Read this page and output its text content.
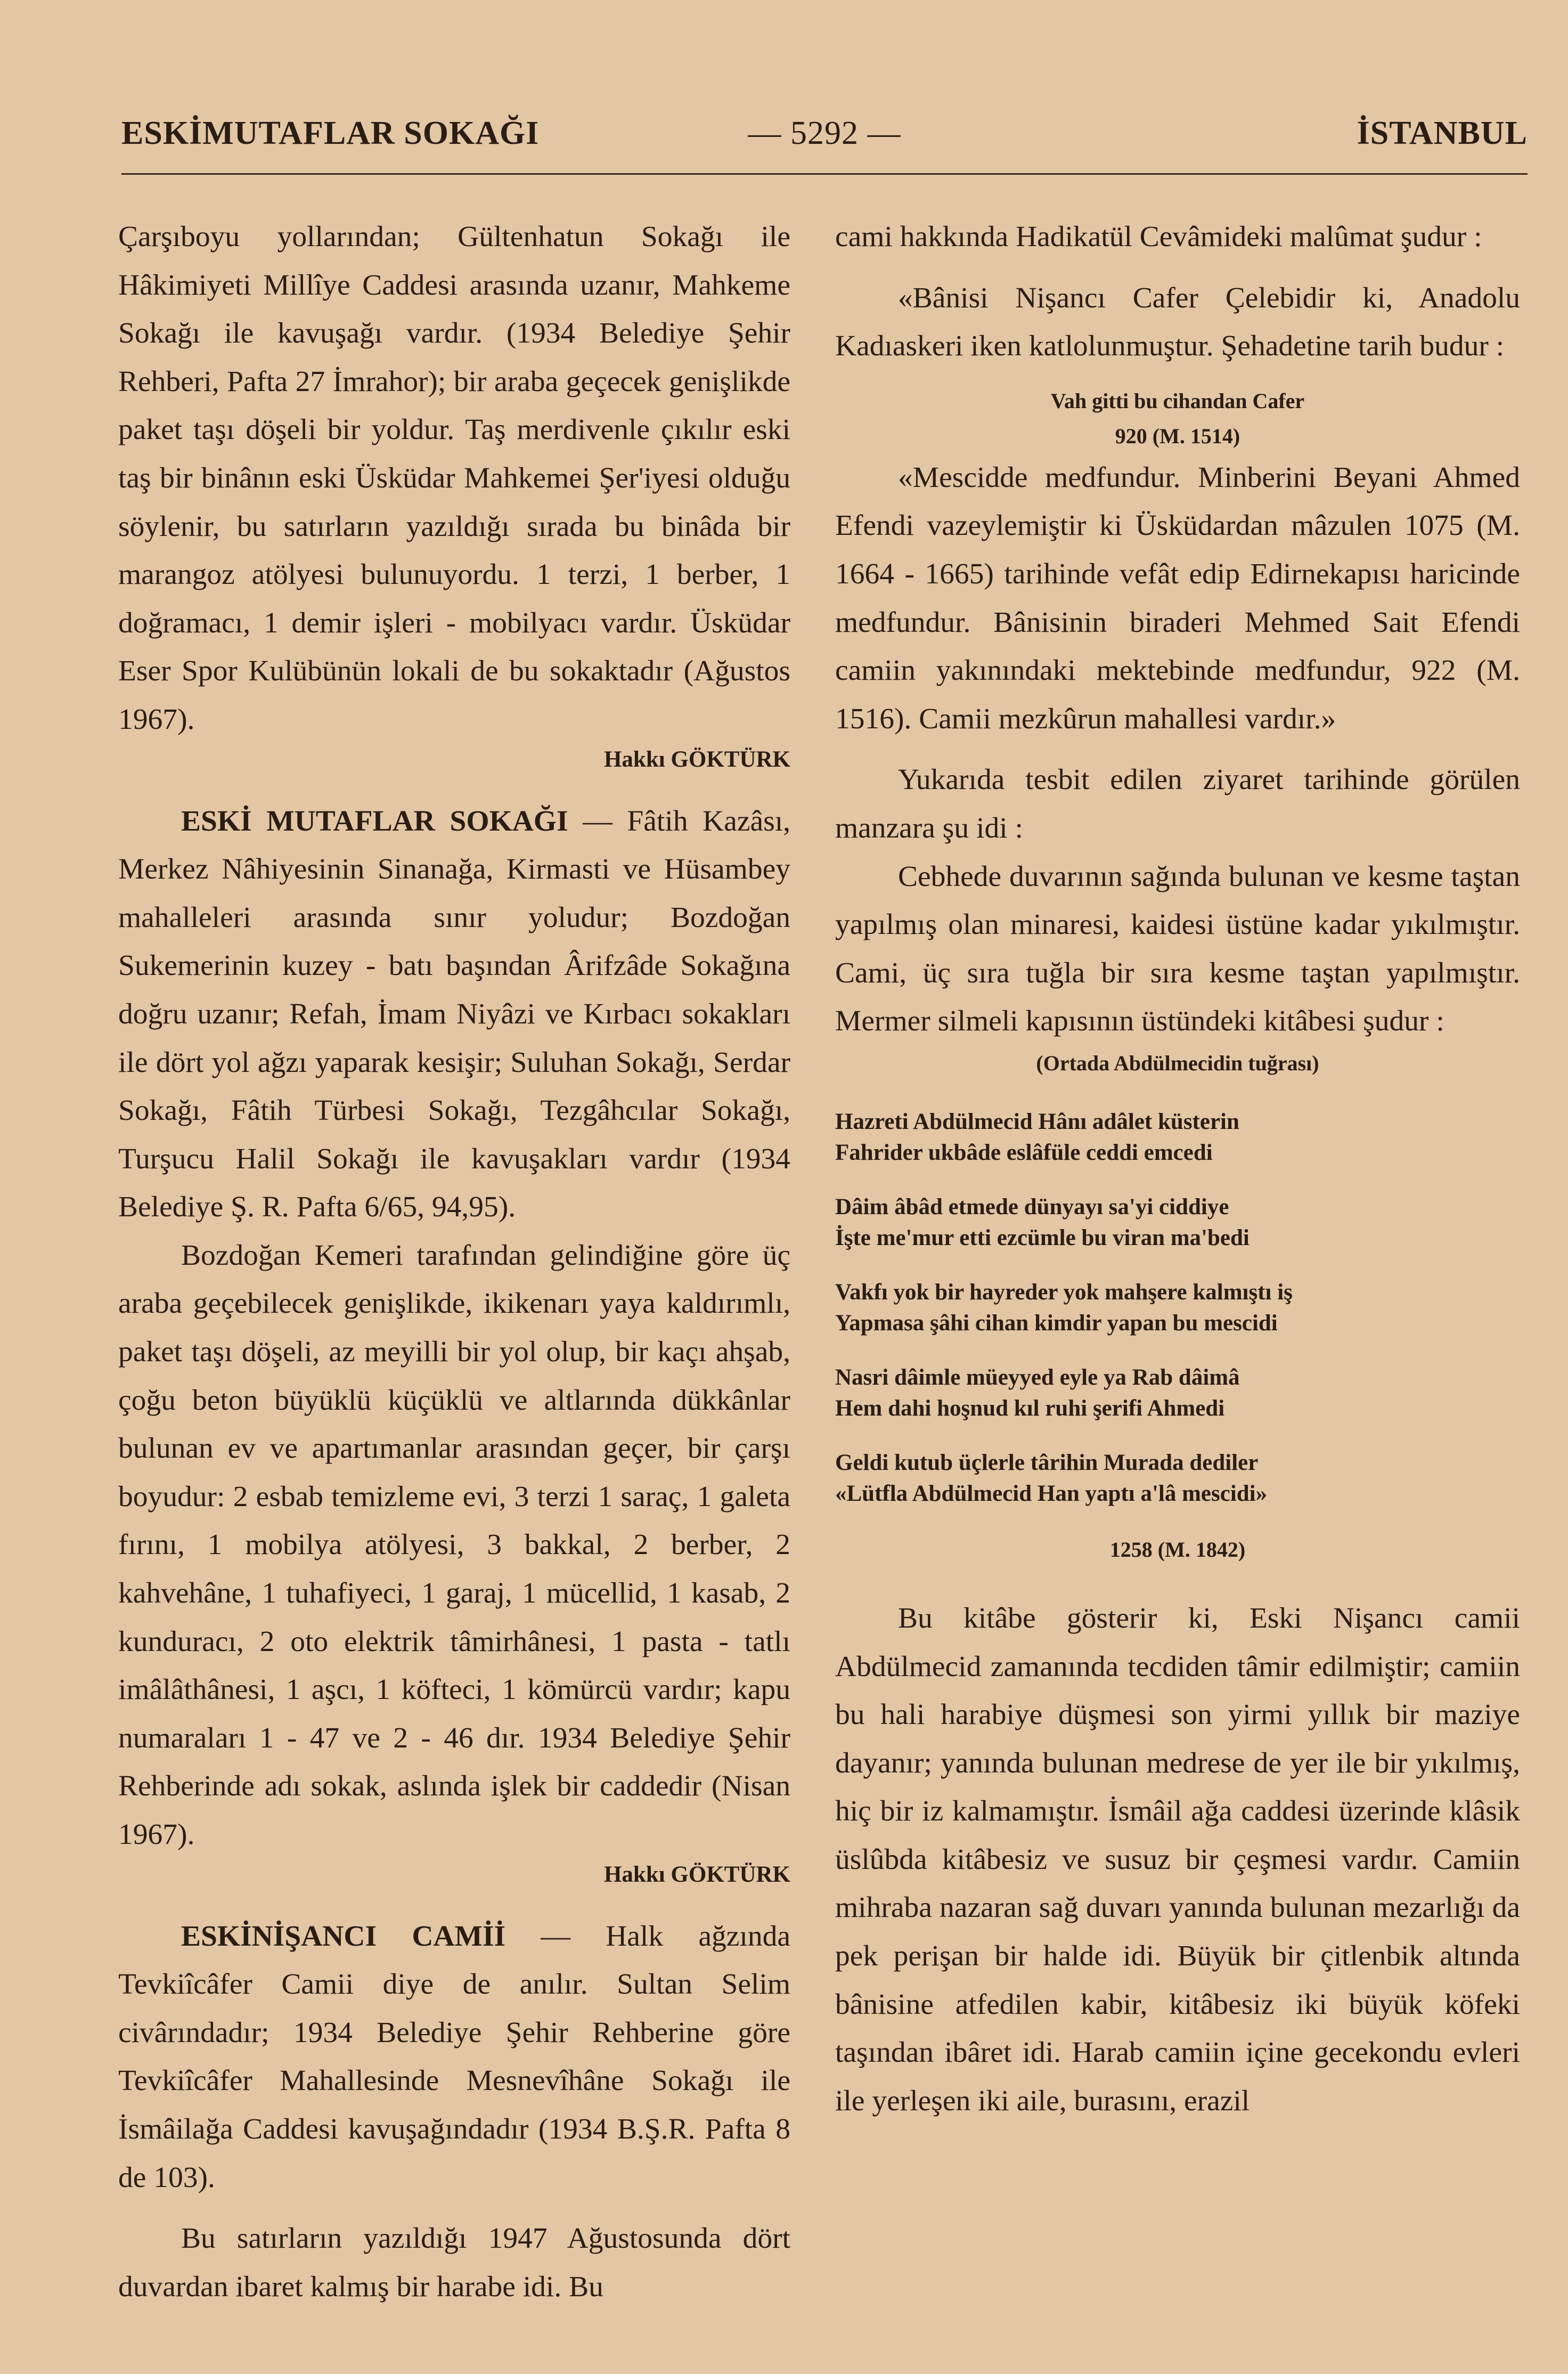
ESKİMUTAFLAR SOKAĞI	— 5292 —	İSTANBUL

Çarşıboyu yollarından; Gültenhatun Sokağı ile Hâkimiyeti Millîye Caddesi arasında uzanır, Mahkeme Sokağı ile kavuşağı vardır. (1934 Belediye Şehir Rehberi, Pafta 27 İmrahor); bir araba geçecek genişlikde paket taşı döşeli bir yoldur. Taş merdivenle çıkılır eski taş bir binânın eski Üsküdar Mahkemei Şer'iyesi olduğu söylenir, bu satırların yazıldığı sırada bu binâda bir marangoz atölyesi bulunuyordu. 1 terzi, 1 berber, 1 doğramacı, 1 demir işleri - mobilyacı vardır. Üsküdar Eser Spor Kulübünün lokali de bu sokaktadır (Ağustos 1967).

Hakkı GÖKTÜRK

ESKİ MUTAFLAR SOKAĞI — Fâtih Kazâsı, Merkez Nâhiyesinin Sinanağa, Kirmasti ve Hüsambey mahalleleri arasında sınır yoludur; Bozdoğan Sukemerinin kuzey - batı başından Ârifzâde Sokağına doğru uzanır; Refah, İmam Niyâzi ve Kırbacı sokakları ile dört yol ağzı yaparak kesişir; Suluhan Sokağı, Serdar Sokağı, Fâtih Türbesi Sokağı, Tezgâhcılar Sokağı, Turşucu Halil Sokağı ile kavuşakları vardır (1934 Belediye Ş. R. Pafta 6/65, 94,95).

Bozdoğan Kemeri tarafından gelindiğine göre üç araba geçebilecek genişlikde, ikikenarı yaya kaldırımlı, paket taşı döşeli, az meyilli bir yol olup, bir kaçı ahşab, çoğu beton büyüklü küçüklü ve altlarında dükkânlar bulunan ev ve apartımanlar arasından geçer, bir çarşı boyudur: 2 esbab temizleme evi, 3 terzi 1 saraç, 1 galeta fırını, 1 mobilya atölyesi, 3 bakkal, 2 berber, 2 kahvehâne, 1 tuhafiyeci, 1 garaj, 1 mücellid, 1 kasab, 2 kunduracı, 2 oto elektrik tâmirhânesi, 1 pasta - tatlı imâlâthânesi, 1 aşcı, 1 köfteci, 1 kömürcü vardır; kapu numaraları 1 - 47 ve 2 - 46 dır. 1934 Belediye Şehir Rehberinde adı sokak, aslında işlek bir caddedir (Nisan 1967).

Hakkı GÖKTÜRK

ESKİNİŞANCI CAMİİ — Halk ağzında Tevkiîcâfer Camii diye de anılır. Sultan Selim civârındadır; 1934 Belediye Şehir Rehberine göre Tevkiîcâfer Mahallesinde Mesnevîhâne Sokağı ile İsmâilağa Caddesi kavuşağındadır (1934 B.Ş.R. Pafta 8 de 103).

Bu satırların yazıldığı 1947 Ağustosunda dört duvardan ibaret kalmış bir harabe idi. Bu

cami hakkında Hadikatül Cevâmideki malûmat şudur :

«Bânisi Nişancı Cafer Çelebidir ki, Anadolu Kadıaskeri iken katlolunmuştur. Şehadetine tarih budur :

Vah gitti bu cihandan Cafer

920 (M. 1514)

«Mescidde medfundur. Minberini Beyani Ahmed Efendi vazeylemiştir ki Üsküdardan mâzulen 1075 (M. 1664 - 1665) tarihinde vefât edip Edirnekapısı haricinde medfundur. Bânisinin biraderi Mehmed Sait Efendi camiin yakınındaki mektebinde medfundur, 922 (M. 1516). Camii mezkûrun mahallesi vardır.»

Yukarıda tesbit edilen ziyaret tarihinde görülen manzara şu idi :

Cebhede duvarının sağında bulunan ve kesme taştan yapılmış olan minaresi, kaidesi üstüne kadar yıkılmıştır. Cami, üç sıra tuğla bir sıra kesme taştan yapılmıştır. Mermer silmeli kapısının üstündeki kitâbesi şudur :

(Ortada Abdülmecidin tuğrası)

Hazreti Abdülmecid Hânı adâlet küsterin
Fahrider ukbâde eslâfüle ceddi emcedi
Dâim âbâd etmede dünyayı sa'yi ciddiye
İşte me'mur etti ezcümle bu viran ma'bedi
Vakfı yok bir hayreder yok mahşere kalmıştı iş
Yapmasa şâhi cihan kimdir yapan bu mescidi
Nasri dâimle müeyyed eyle ya Rab dâimâ
Hem dahi hoşnud kıl ruhi şerifi Ahmedi
Geldi kutub üçlerle târihin Murada dediler
«Lütfla Abdülmecid Han yaptı a'lâ mescidi»

1258 (M. 1842)

Bu kitâbe gösterir ki, Eski Nişancı camii Abdülmecid zamanında tecdiden tâmir edilmiştir; camiin bu hali harabiye düşmesi son yirmi yıllık bir maziye dayanır; yanında bulunan medrese de yer ile bir yıkılmış, hiç bir iz kalmamıştır. İsmâil ağa caddesi üzerinde klâsik üslûbda kitâbesiz ve susuz bir çeşmesi vardır. Camiin mihraba nazaran sağ duvarı yanında bulunan mezarlığı da pek perişan bir halde idi. Büyük bir çitlenbik altında bânisine atfedilen kabir, kitâbesiz iki büyük köfeki taşından ibâret idi. Harab camiin içine gecekondu evleri ile yerleşen iki aile, burasını, erazil
